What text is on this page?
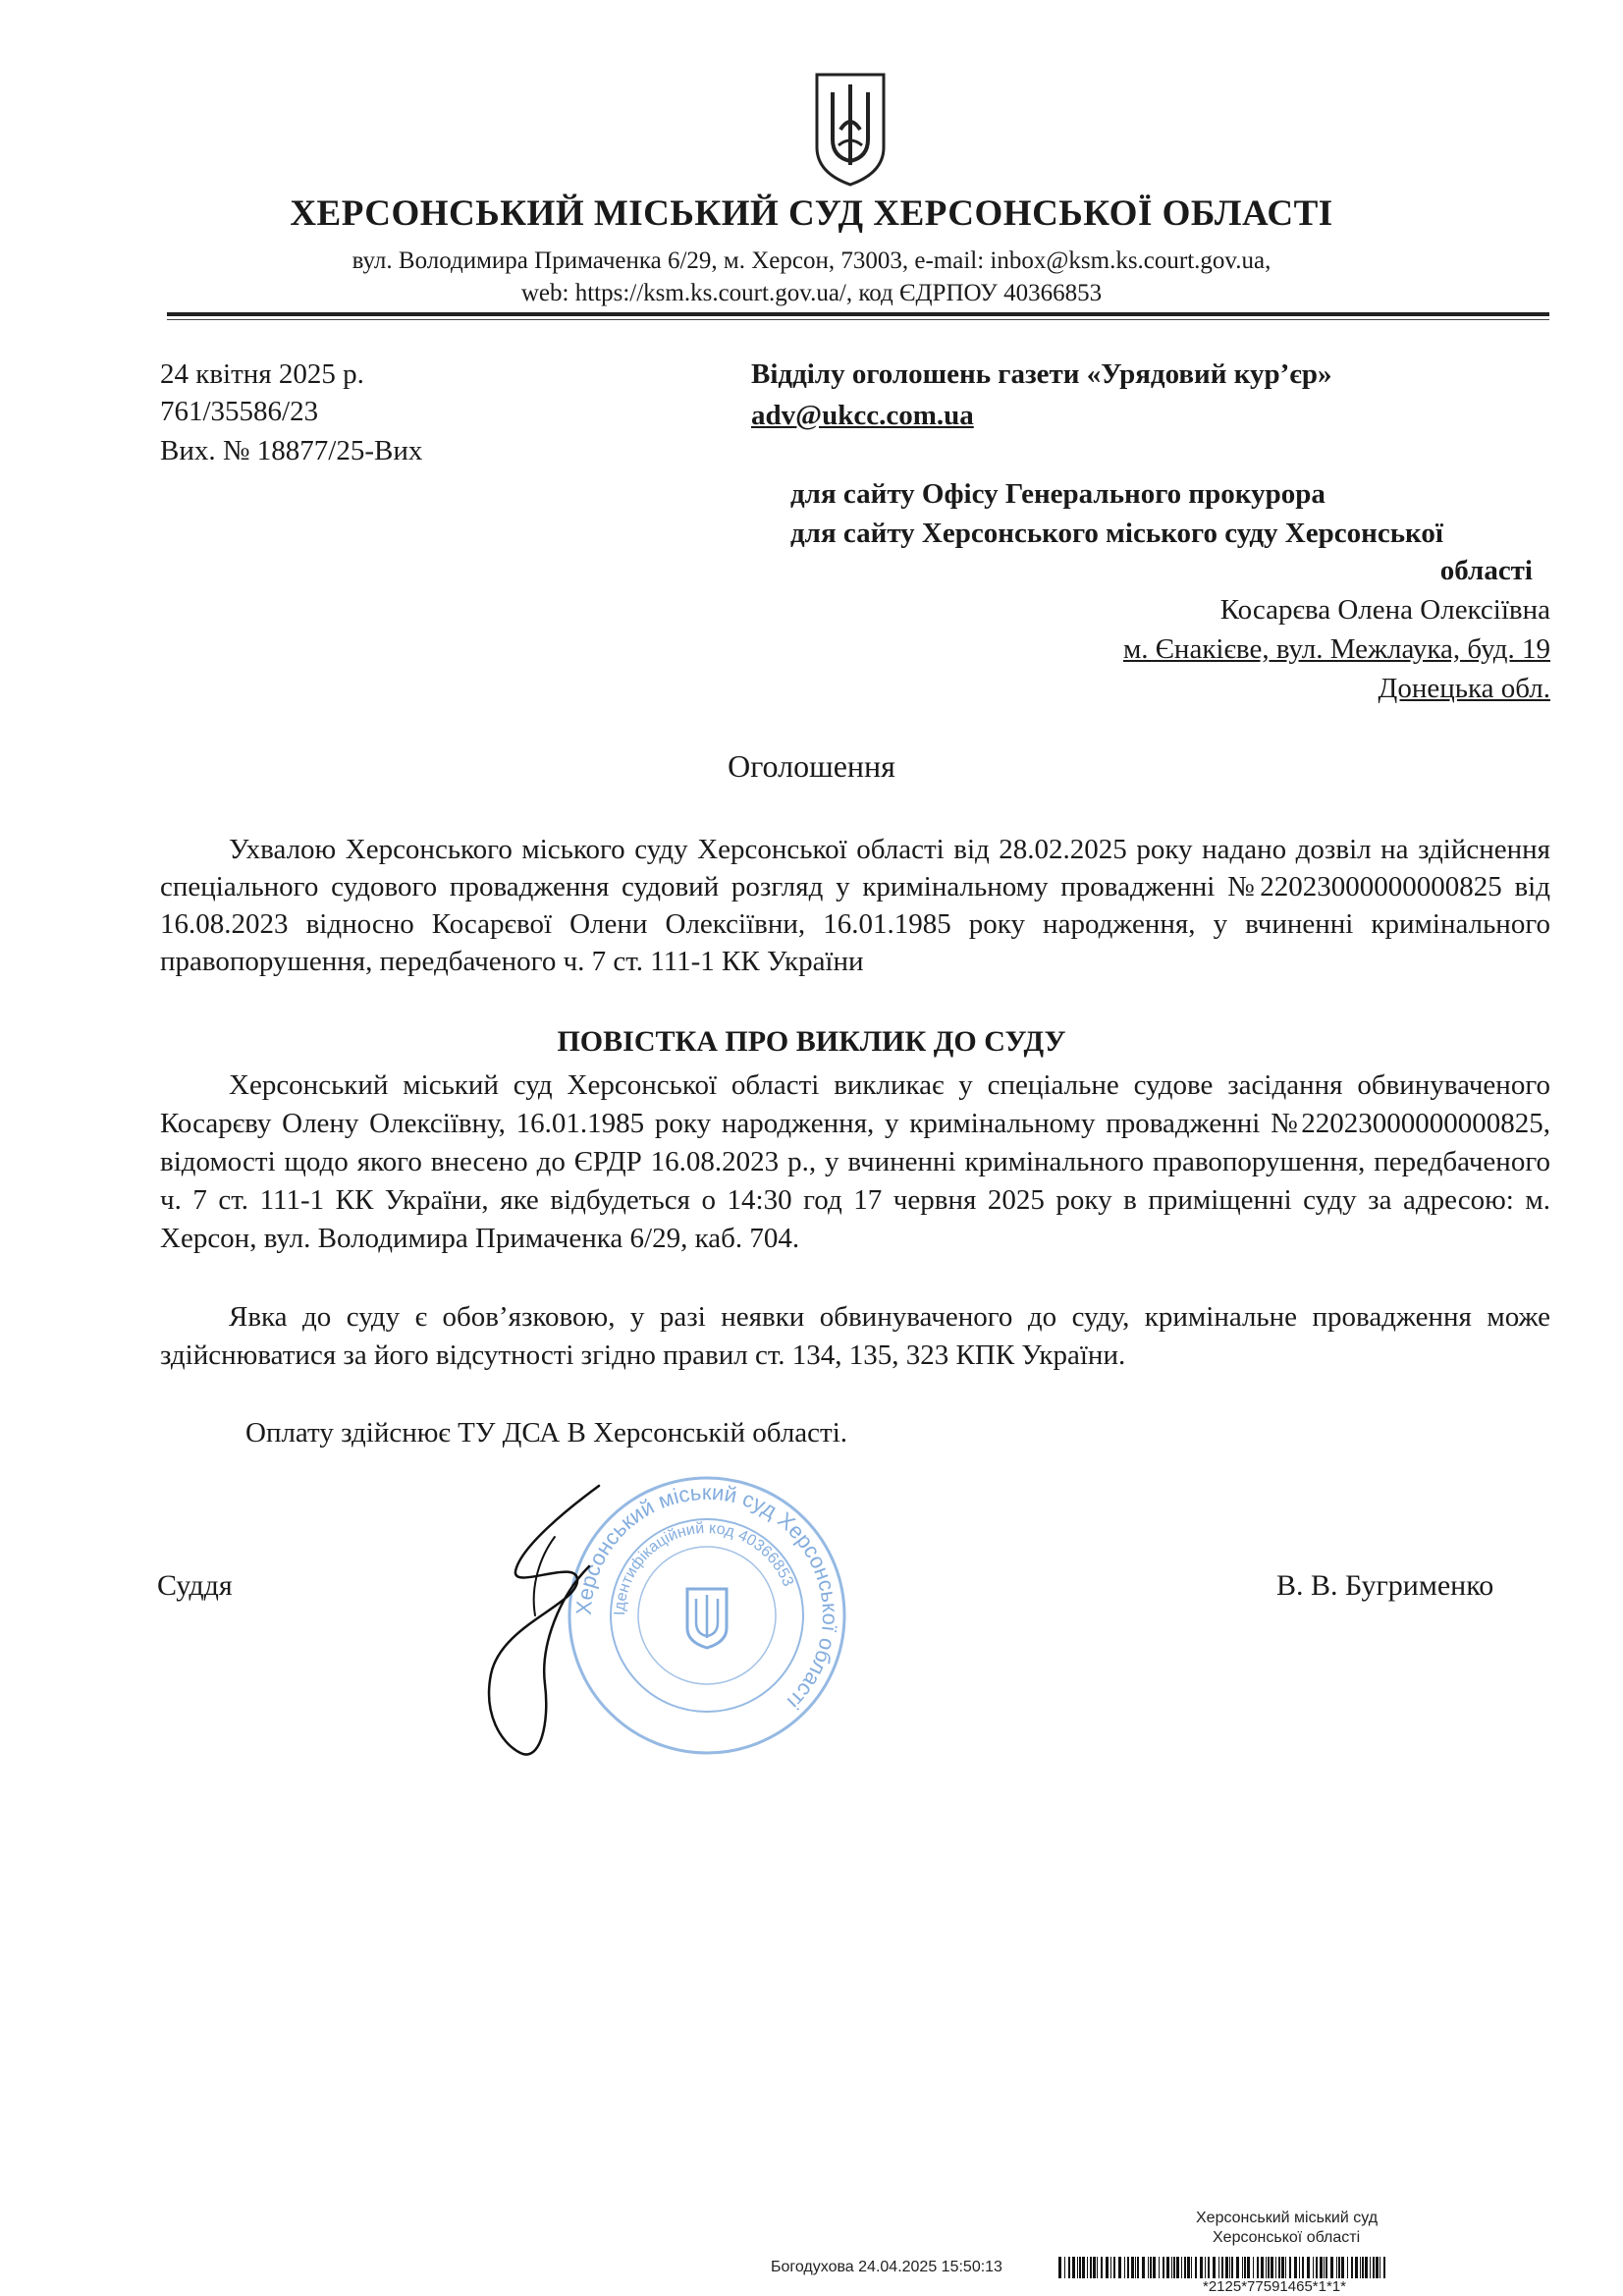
ХЕРСОНСЬКИЙ МІСЬКИЙ СУД ХЕРСОНСЬКОЇ ОБЛАСТІ
вул. Володимира Примаченка 6/29, м. Херсон, 73003, e-mail: inbox@ksm.ks.court.gov.ua,
web: https://ksm.ks.court.gov.ua/, код ЄДРПОУ 40366853
24 квітня 2025 р.
761/35586/23
Вих. № 18877/25-Вих
Відділу оголошень газети «Урядовий кур’єр»
adv@ukcc.com.ua
для сайту Офісу Генерального прокурора
для сайту Херсонського міського суду Херсонської
області
Косарєва Олена Олексіївна
м. Єнакієве, вул. Межлаука, буд. 19
Донецька обл.
Оголошення
Ухвалою Херсонського міського суду Херсонської області від 28.02.2025 року надано дозвіл на здійснення спеціального судового провадження судовий розгляд у кримінальному провадженні №22023000000000825 від 16.08.2023 відносно Косарєвої Олени Олексіївни, 16.01.1985 року народження, у вчиненні кримінального правопорушення, передбаченого ч. 7 ст. 111-1 КК України
ПОВІСТКА ПРО ВИКЛИК ДО СУДУ
Херсонський міський суд Херсонської області викликає у спеціальне судове засідання обвинуваченого Косарєву Олену Олексіївну, 16.01.1985 року народження, у кримінальному провадженні №22023000000000825, відомості щодо якого внесено до ЄРДР 16.08.2023 р., у вчиненні кримінального правопорушення, передбаченого ч. 7 ст. 111-1 КК України, яке відбудеться о 14:30 год 17 червня 2025 року в приміщенні суду за адресою: м. Херсон, вул. Володимира Примаченка 6/29, каб. 704.
Явка до суду є обов’язковою, у разі неявки обвинуваченого до суду, кримінальне провадження може здійснюватися за його відсутності згідно правил ст. 134, 135, 323 КПК України.
Оплату здійснює ТУ ДСА В Херсонській області.
Суддя	В. В. Бугрименко
Херсонський міський суд Херсонської області
Ідентифікаційний код 40366853
Херсонський міський суд
Херсонської області
Богодухова 24.04.2025 15:50:13
*2125*77591465*1*1*
